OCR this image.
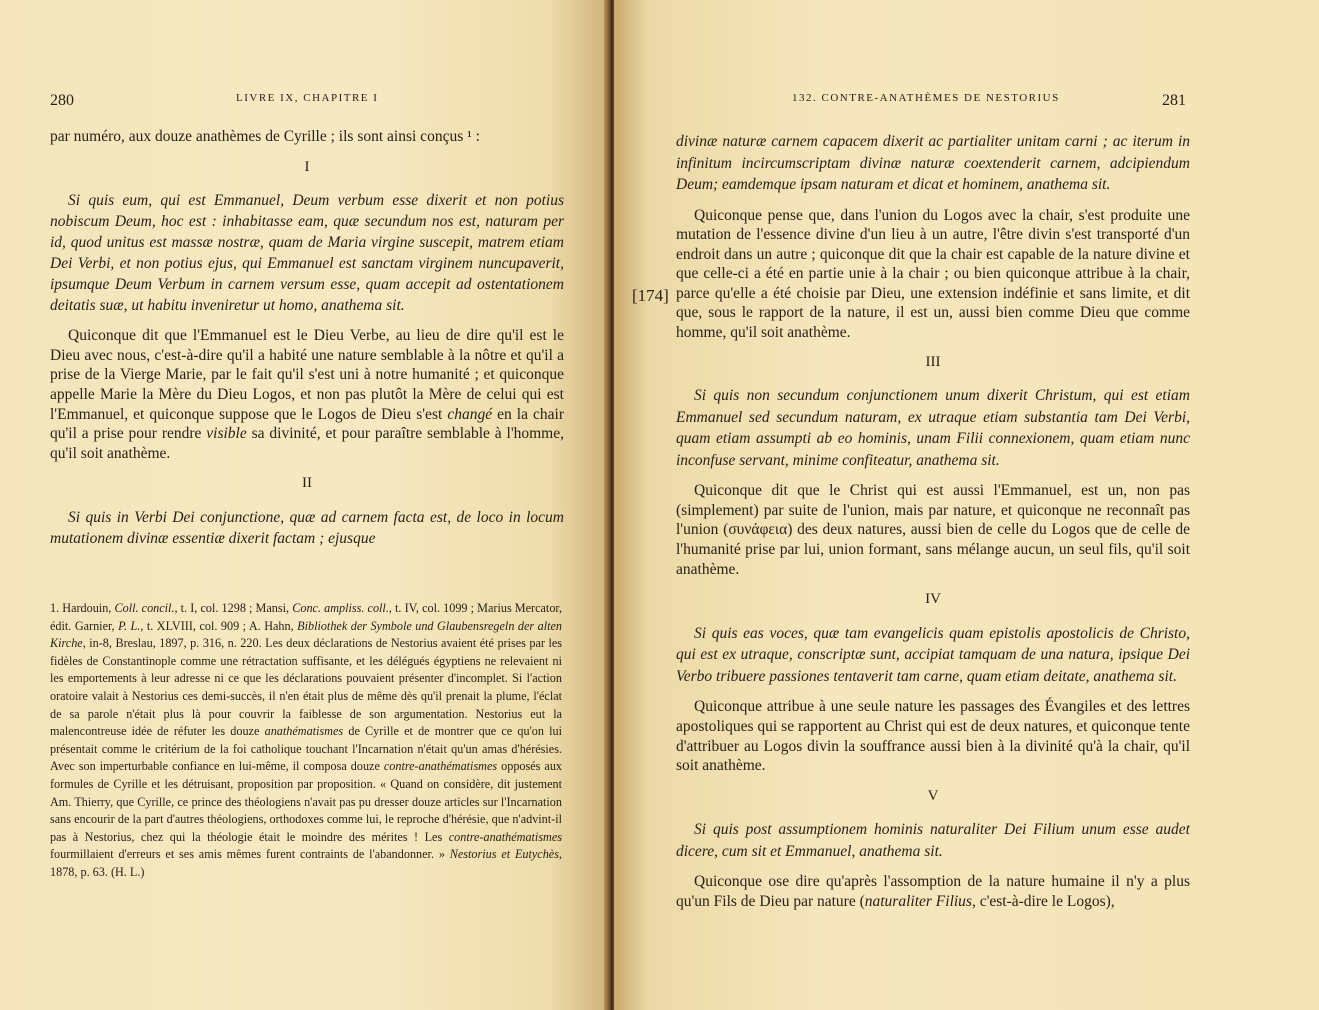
280	LIVRE IX, CHAPITRE I

par numéro, aux douze anathèmes de Cyrille ; ils sont ainsi conçus ¹ :

I

Si quis eum, qui est Emmanuel, Deum verbum esse dixerit et non potius nobiscum Deum, hoc est : inhabitasse eam, quæ secundum nos est, naturam per id, quod unitus est massæ nostræ, quam de Maria virgine suscepit, matrem etiam Dei Verbi, et non potius ejus, qui Emmanuel est sanctam virginem nuncupaverit, ipsumque Deum Verbum in carnem versum esse, quam accepit ad ostentationem deitatis suæ, ut habitu inveniretur ut homo, anathema sit.

Quiconque dit que l'Emmanuel est le Dieu Verbe, au lieu de dire qu'il est le Dieu avec nous, c'est-à-dire qu'il a habité une nature semblable à la nôtre et qu'il a prise de la Vierge Marie, par le fait qu'il s'est uni à notre humanité ; et quiconque appelle Marie la Mère du Dieu Logos, et non pas plutôt la Mère de celui qui est l'Emmanuel, et quiconque suppose que le Logos de Dieu s'est changé en la chair qu'il a prise pour rendre visible sa divinité, et pour paraître semblable à l'homme, qu'il soit anathème.

II

Si quis in Verbi Dei conjunctione, quæ ad carnem facta est, de loco in locum mutationem divinæ essentiæ dixerit factam ; ejusque

1. Hardouin, Coll. concil., t. I, col. 1298 ; Mansi, Conc. ampliss. coll., t. IV, col. 1099 ; Marius Mercator, édit. Garnier, P. L., t. XLVIII, col. 909 ; A. Hahn, Bibliothek der Symbole und Glaubensregeln der alten Kirche, in-8, Breslau, 1897, p. 316, n. 220. Les deux déclarations de Nestorius avaient été prises par les fidèles de Constantinople comme une rétractation suffisante, et les délégués égyptiens ne relevaient ni les emportements à leur adresse ni ce que les déclarations pouvaient présenter d'incomplet. Si l'action oratoire valait à Nestorius ces demi-succès, il n'en était plus de même dès qu'il prenait la plume, l'éclat de sa parole n'était plus là pour couvrir la faiblesse de son argumentation. Nestorius eut la malencontreuse idée de réfuter les douze anathématismes de Cyrille et de montrer que ce qu'on lui présentait comme le critérium de la foi catholique touchant l'Incarnation n'était qu'un amas d'hérésies. Avec son imperturbable confiance en lui-même, il composa douze contre-anathématismes opposés aux formules de Cyrille et les détruisant, proposition par proposition. « Quand on considère, dit justement Am. Thierry, que Cyrille, ce prince des théologiens n'avait pas pu dresser douze articles sur l'Incarnation sans encourir de la part d'autres théologiens, orthodoxes comme lui, le reproche d'hérésie, que n'advint-il pas à Nestorius, chez qui la théologie était le moindre des mérites ! Les contre-anathématismes fourmillaient d'erreurs et ses amis mêmes furent contraints de l'abandonner. » Nestorius et Eutychès, 1878, p. 63. (H. L.)

132. CONTRE-ANATHÈMES DE NESTORIUS	281

divinæ naturæ carnem capacem dixerit ac partialiter unitam carni ; ac iterum in infinitum incircumscriptam divinæ naturæ coextenderit carnem, adcipiendum Deum; eamdemque ipsam naturam et dicat et hominem, anathema sit.

Quiconque pense que, dans l'union du Logos avec la chair, s'est produite une mutation de l'essence divine d'un lieu à un autre, l'être divin s'est transporté d'un endroit dans un autre ; quiconque dit que la chair est capable de la nature divine et que celle-ci a été en partie unie à la chair ; ou bien quiconque attribue à la chair, parce qu'elle a été choisie par Dieu, une extension indéfinie et sans limite, et dit que, sous le rapport de la nature, il est un, aussi bien comme Dieu que comme homme, qu'il soit anathème.

III

Si quis non secundum conjunctionem unum dixerit Christum, qui est etiam Emmanuel sed secundum naturam, ex utraque etiam substantia tam Dei Verbi, quam etiam assumpti ab eo hominis, unam Filii connexionem, quam etiam nunc inconfuse servant, minime confiteatur, anathema sit.

Quiconque dit que le Christ qui est aussi l'Emmanuel, est un, non pas (simplement) par suite de l'union, mais par nature, et quiconque ne reconnaît pas l'union (συνάφεια) des deux natures, aussi bien de celle du Logos que de celle de l'humanité prise par lui, union formant, sans mélange aucun, un seul fils, qu'il soit anathème.

IV

Si quis eas voces, quæ tam evangelicis quam epistolis apostolicis de Christo, qui est ex utraque, conscriptæ sunt, accipiat tamquam de una natura, ipsique Dei Verbo tribuere passiones tentaverit tam carne, quam etiam deitate, anathema sit.

Quiconque attribue à une seule nature les passages des Évangiles et des lettres apostoliques qui se rapportent au Christ qui est de deux natures, et quiconque tente d'attribuer au Logos divin la souffrance aussi bien à la divinité qu'à la chair, qu'il soit anathème.

V

Si quis post assumptionem hominis naturaliter Dei Filium unum esse audet dicere, cum sit et Emmanuel, anathema sit.

Quiconque ose dire qu'après l'assomption de la nature humaine il n'y a plus qu'un Fils de Dieu par nature (naturaliter Filius, c'est-à-dire le Logos),

[174]
